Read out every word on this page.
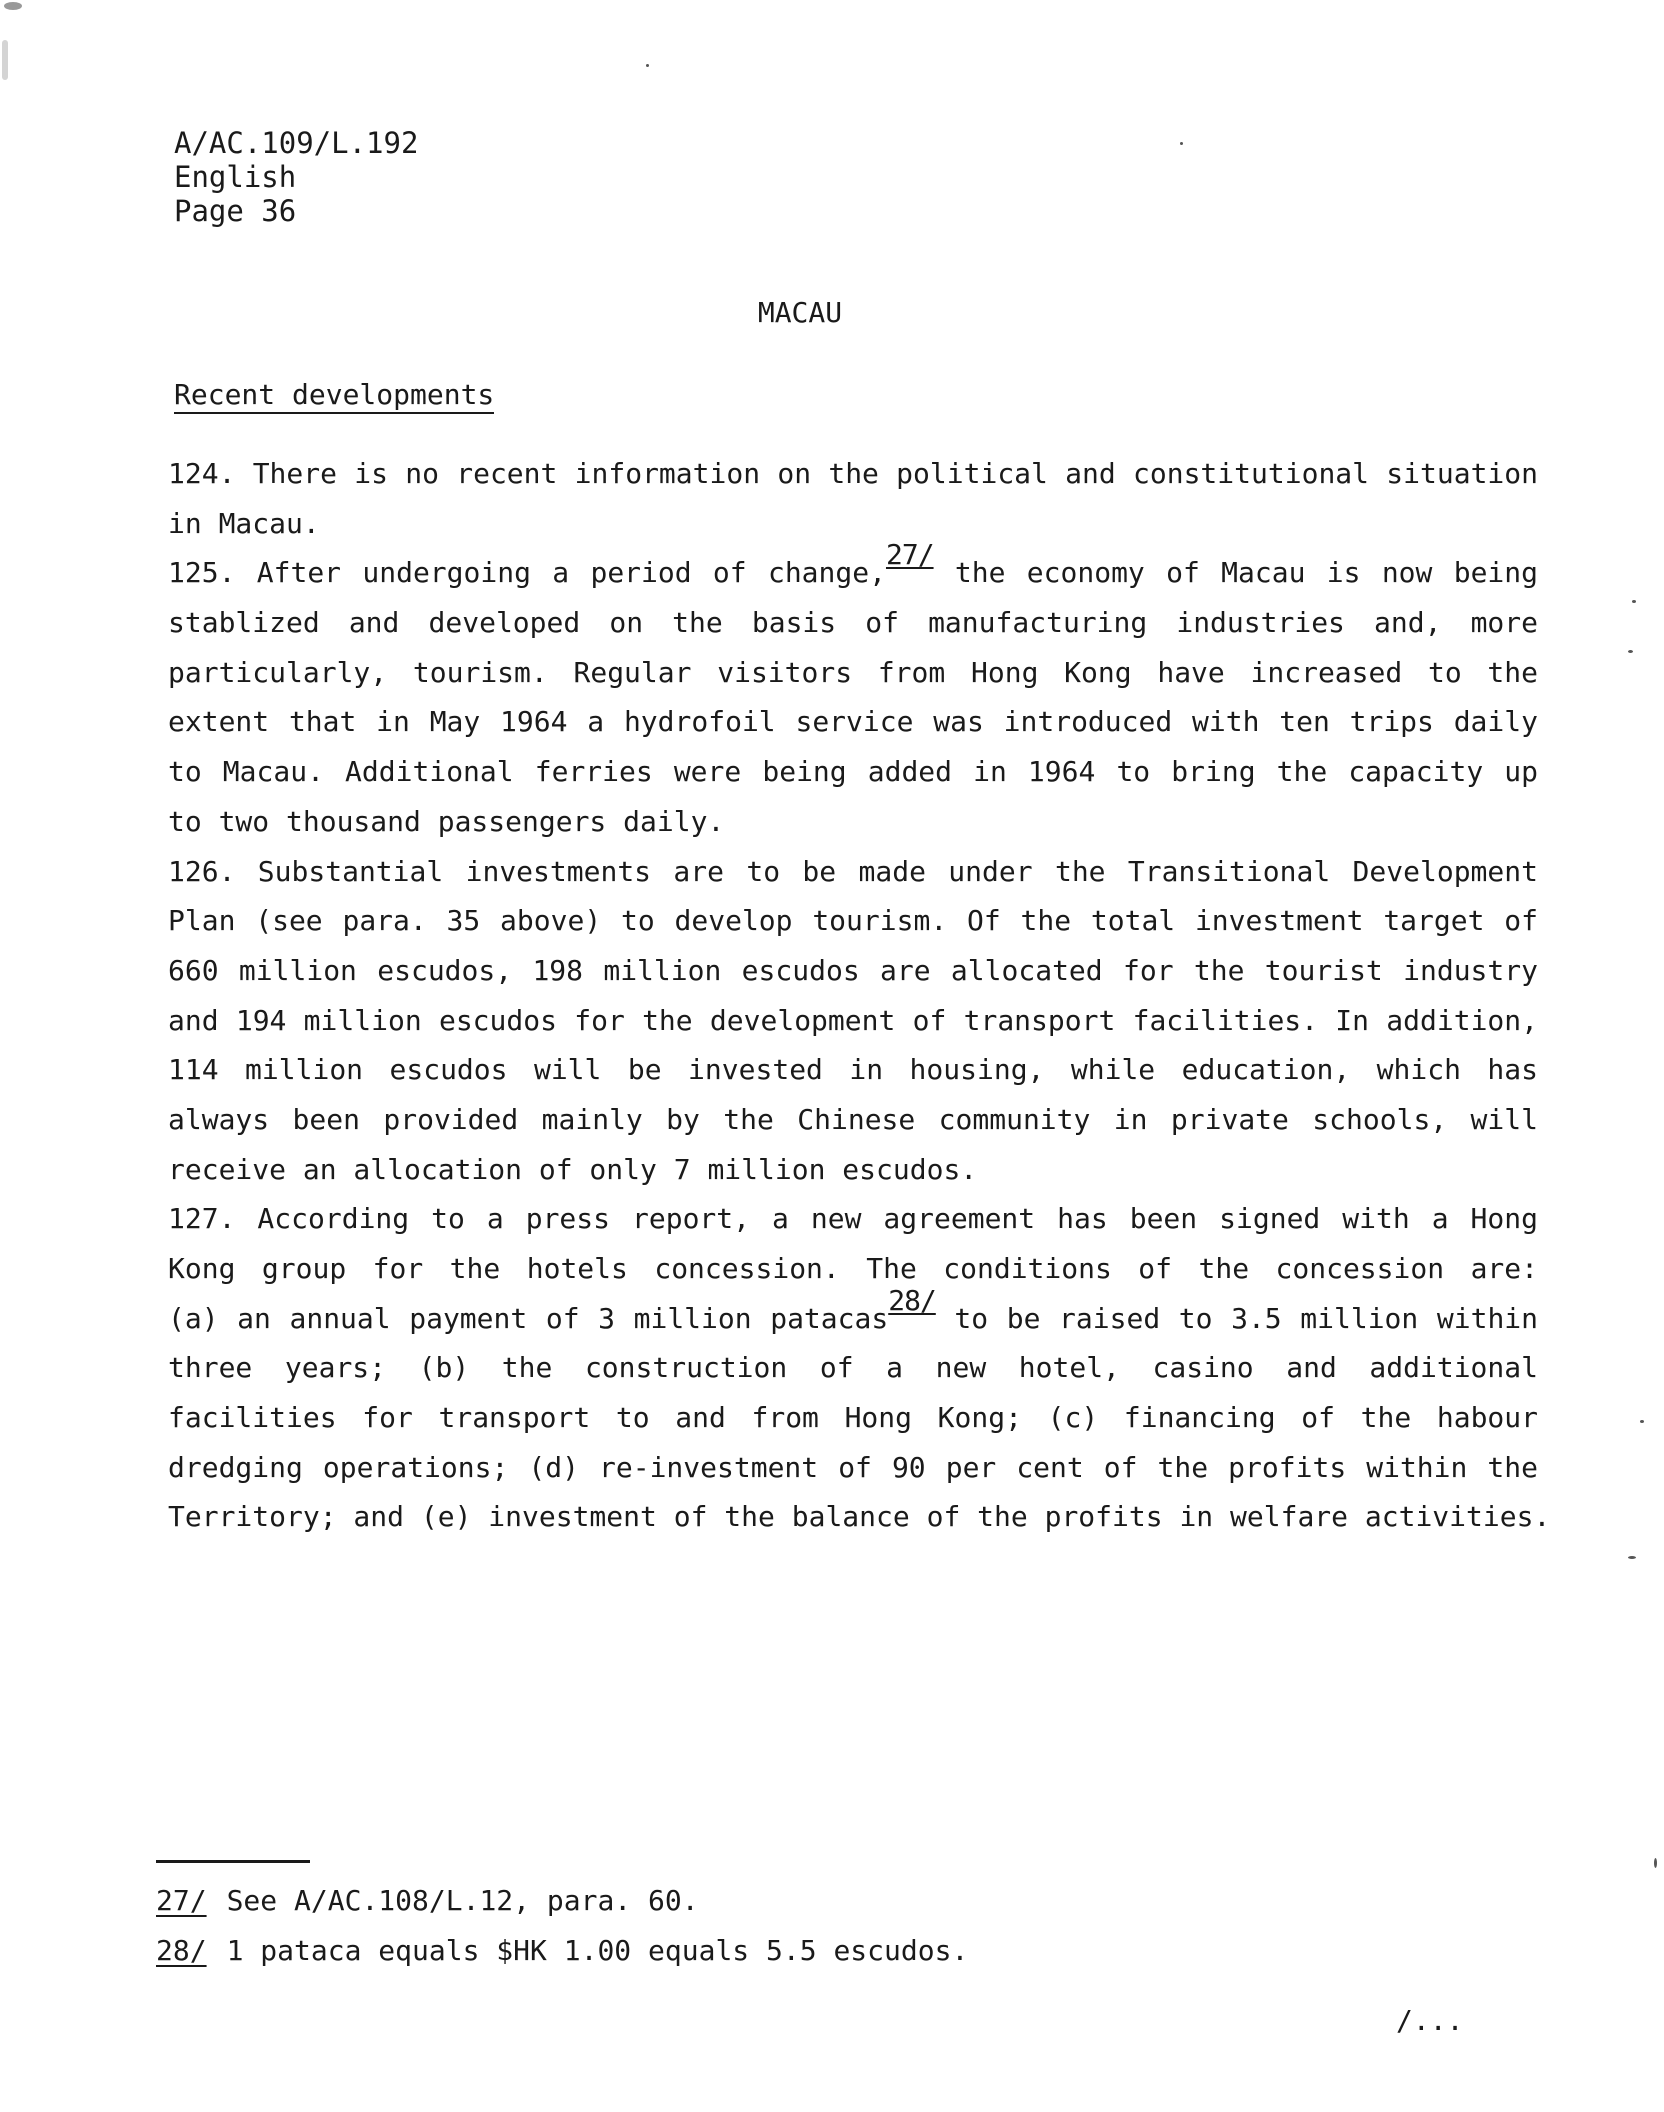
A/AC.109/L.192
English
Page 36
MACAU
Recent developments
124. There is no recent information on the political and constitutional situation
in Macau.
125. After undergoing a period of change,27/ the economy of Macau is now being
stablized and developed on the basis of manufacturing industries and, more
particularly, tourism. Regular visitors from Hong Kong have increased to the
extent that in May 1964 a hydrofoil service was introduced with ten trips daily
to Macau. Additional ferries were being added in 1964 to bring the capacity up
to two thousand passengers daily.
126. Substantial investments are to be made under the Transitional Development
Plan (see para. 35 above) to develop tourism. Of the total investment target of
660 million escudos, 198 million escudos are allocated for the tourist industry
and 194 million escudos for the development of transport facilities. In addition,
114 million escudos will be invested in housing, while education, which has
always been provided mainly by the Chinese community in private schools, will
receive an allocation of only 7 million escudos.
127. According to a press report, a new agreement has been signed with a Hong
Kong group for the hotels concession. The conditions of the concession are:
(a) an annual payment of 3 million patacas28/ to be raised to 3.5 million within
three years; (b) the construction of a new hotel, casino and additional
facilities for transport to and from Hong Kong; (c) financing of the habour
dredging operations; (d) re-investment of 90 per cent of the profits within the
Territory; and (e) investment of the balance of the profits in welfare activities.
27/ See A/AC.108/L.12, para. 60.
28/ 1 pataca equals $HK 1.00 equals 5.5 escudos.
/...
